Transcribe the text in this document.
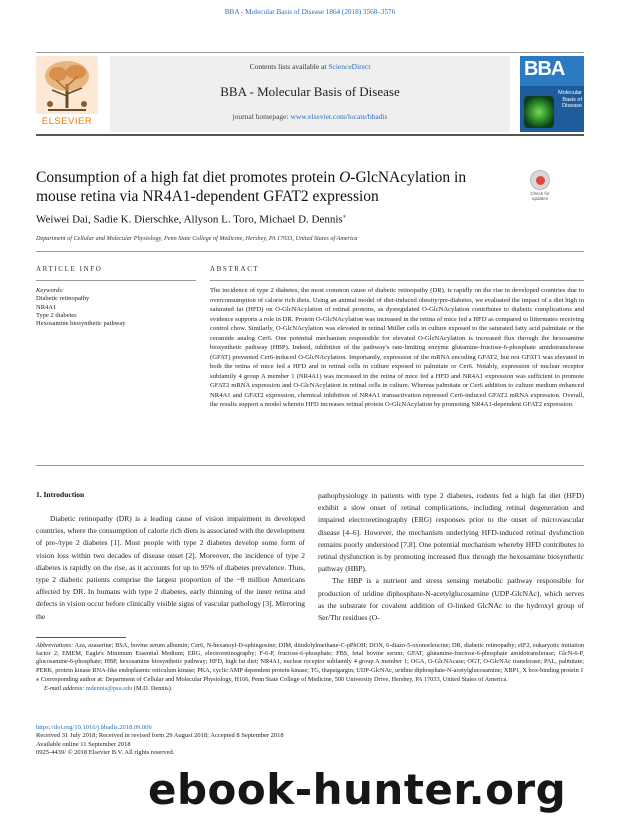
BBA - Molecular Basis of Disease 1864 (2018) 3568–3576
ELSEVIER
Contents lists available at ScienceDirect
BBA - Molecular Basis of Disease
journal homepage: www.elsevier.com/locate/bbadis
BBA
Molecular Basis of Disease
Consumption of a high fat diet promotes protein O-GlcNAcylation in mouse retina via NR4A1-dependent GFAT2 expression	Check for updates
Weiwei Dai, Sadie K. Dierschke, Allyson L. Toro, Michael D. Dennis⁎
Department of Cellular and Molecular Physiology, Penn State College of Medicine, Hershey, PA 17033, United States of America
ARTICLE INFO	ABSTRACT
Keywords:
Diabetic retinopathy
NR4A1
Type 2 diabetes
Hexosamine biosynthetic pathway
The incidence of type 2 diabetes, the most common cause of diabetic retinopathy (DR), is rapidly on the rise in developed countries due to overconsumption of calorie rich diets. Using an animal model of diet-induced obesity/pre-diabetes, we evaluated the impact of a diet high in saturated fat (HFD) on O-GlcNAcylation of retinal proteins, as dysregulated O-GlcNAcylation contributes to diabetic complications and evidence supports a role in DR. Protein O-GlcNAcylation was increased in the retina of mice fed a HFD as compared to littermates receiving control chow. Similarly, O-GlcNAcylation was elevated in retinal Müller cells in culture exposed to the saturated fatty acid palmitate or the ceramide analog Cer6. One potential mechanism responsible for elevated O-GlcNAcylation is increased flux through the hexosamine biosynthetic pathway (HBP). Indeed, inhibition of the pathway's rate-limiting enzyme glutamine-fructose-6-phosphate amidotransferase (GFAT) prevented Cer6-induced O-GlcNAcylation. Importantly, expression of the mRNA encoding GFAT2, but not GFAT1 was elevated in both the retina of mice fed a HFD and in retinal cells in culture exposed to palmitate or Cer6. Notably, expression of nuclear receptor subfamily 4 group A member 1 (NR4A1) was increased in the retina of mice fed a HFD and NR4A1 expression was sufficient to promote GFAT2 mRNA expression and O-GlcNAcylation in retinal cells in culture. Whereas palmitate or Cer6 addition to culture medium enhanced NR4A1 and GFAT2 expression, chemical inhibition of NR4A1 transactivation repressed Cer6-induced GFAT2 mRNA expression. Overall, the results support a model wherein HFD increases retinal protein O-GlcNAcylation by promoting NR4A1-dependent GFAT2 expression.
1. Introduction

Diabetic retinopathy (DR) is a leading cause of vision impairment in developed countries, where the consumption of calorie rich diets is associated with the development of pre-/type 2 diabetes [1]. Most people with type 2 diabetes develop some form of vision loss within two decades of disease onset [2]. Moreover, the incidence of type 2 diabetes is rapidly on the rise, as it accounts for up to 95% of diabetes prevalence. Thus, type 2 diabetic patients comprise the largest proportion of the ~8 million Americans affected by DR. In humans with type 2 diabetes, early thinning of the inner retina and defects in vision occur before clinically visible signs of vascular pathology [3]. Mirroring the

pathophysiology in patients with type 2 diabetes, rodents fed a high fat diet (HFD) exhibit a slow onset of retinal complications, including retinal degeneration and impaired electroretinography (ERG) responses prior to the onset of microvascular disease [4–6]. However, the mechanism underlying HFD-induced retinal dysfunction remains poorly understood [7,8]. One potential mechanism whereby HFD contributes to retinal dysfunction is by promoting increased flux through the hexosamine biosynthetic pathway (HBP).

The HBP is a nutrient and stress sensing metabolic pathway responsible for production of uridine diphosphate-N-acetylglucosamine (UDP-GlcNAc), which serves as the substrate for covalent addition of O-linked GlcNAc to the hydroxyl group of Ser/Thr residues (O-

Abbreviations: Aza, azaserine; BSA, bovine serum albumin; Cer6, N-hexanoyl-D-sphingosine; DIM, diindolylmethane-C-pPhOH; DON, 6-diazo-5-oxonorleucine; DR, diabetic retinopathy; eIF2, eukaryotic initiation factor 2; EMEM, Eagle's Minimum Essential Medium; ERG, electroretinography; F-6-P, fructose-6-phosphate; FBS, fetal bovine serum; GFAT, glutamine-fructose-6-phosphate amidotransferase; GlcN-6-P, glucosamine-6-phosphate; HBP, hexosamine biosynthetic pathway; HFD, high fat diet; NR4A1, nuclear receptor subfamily 4 group A member 1; OGA, O-GlcNAcase; OGT, O-GlcNAc transferase; PAL, palmitate; PERK, protein kinase RNA-like endoplasmic reticulum kinase; PKA, cyclic AMP dependent protein kinase; TG, thapsigargin; UDP-GlcNAc, uridine diphosphate-N-acetylglucosamine; XBP1, X box-binding protein 1

⁎ Corresponding author at: Department of Cellular and Molecular Physiology, H166, Penn State College of Medicine, 500 University Drive, Hershey, PA 17033, United States of America.

E-mail address: mdennis@psu.edu (M.D. Dennis).

https://doi.org/10.1016/j.bbadis.2018.09.006
Received 31 July 2018; Received in revised form 29 August 2018; Accepted 8 September 2018
Available online 11 September 2018
0925-4439/ © 2018 Elsevier B.V. All rights reserved.
ebook-hunter.org
